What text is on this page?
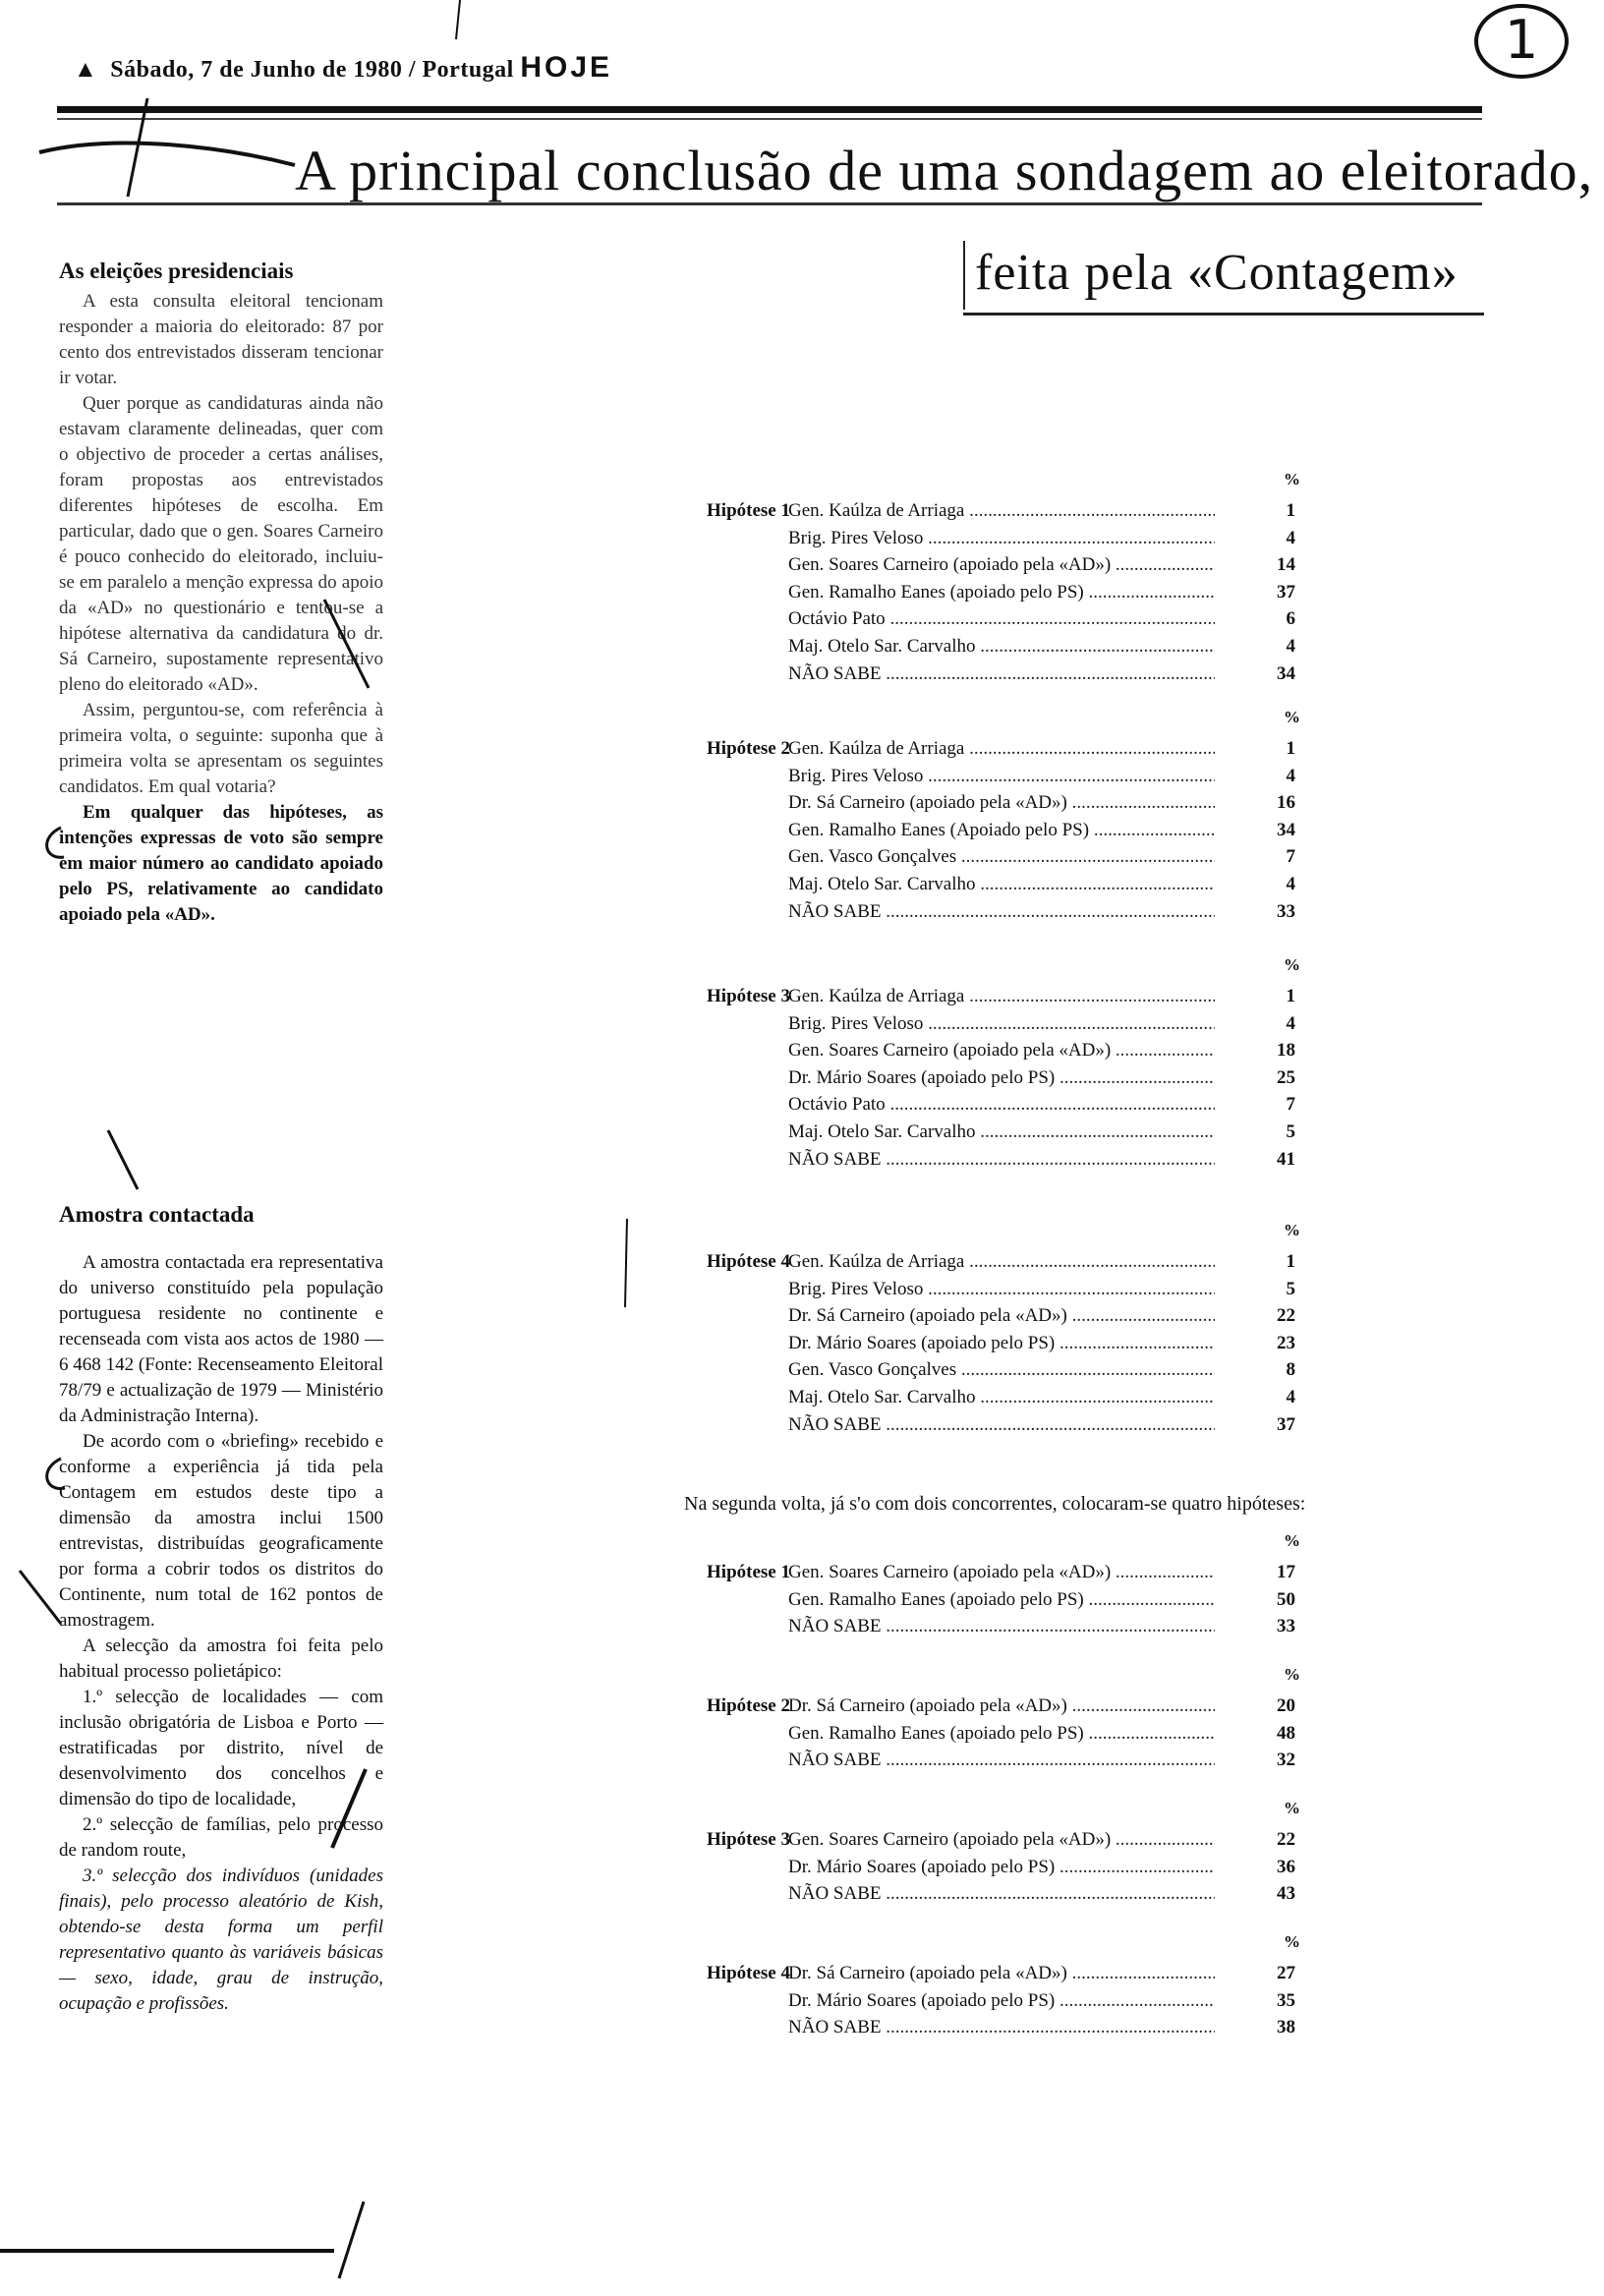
▲  Sábado, 7 de Junho de 1980 / Portugal HOJE	1
A principal conclusão de uma sondagem ao eleitorado,
feita pela «Contagem»
As eleições presidenciais

A esta consulta eleitoral tencionam responder a maioria do eleitorado: 87 por cento dos entrevistados disseram tencionar ir votar.

Quer porque as candidaturas ainda não estavam claramente delineadas, quer com o objectivo de proceder a certas análises, foram propostas aos entrevistados diferentes hipóteses de escolha. Em particular, dado que o gen. Soares Carneiro é pouco conhecido do eleitorado, incluiu-se em paralelo a menção expressa do apoio da «AD» no questionário e tentou-se a hipótese alternativa da candidatura do dr. Sá Carneiro, supostamente representativo pleno do eleitorado «AD».

Assim, perguntou-se, com referência à primeira volta, o seguinte: suponha que à primeira volta se apresentam os seguintes candidatos. Em qual votaria?

Em qualquer das hipóteses, as intenções expressas de voto são sempre em maior número ao candidato apoiado pelo PS, relativamente ao candidato apoiado pela «AD».

Amostra contactada

A amostra contactada era representativa do universo constituído pela população portuguesa residente no continente e recenseada com vista aos actos de 1980 — 6 468 142 (Fonte: Recenseamento Eleitoral 78/79 e actualização de 1979 — Ministério da Administração Interna).

De acordo com o «briefing» recebido e conforme a experiência já tida pela Contagem em estudos deste tipo a dimensão da amostra inclui 1500 entrevistas, distribuídas geograficamente por forma a cobrir todos os distritos do Continente, num total de 162 pontos de amostragem.

A selecção da amostra foi feita pelo habitual processo polietápico:

1.º selecção de localidades — com inclusão obrigatória de Lisboa e Porto — estratificadas por distrito, nível de desenvolvimento dos concelhos e dimensão do tipo de localidade,

2.º selecção de famílias, pelo processo de random route,

3.º selecção dos indivíduos (unidades finais), pelo processo aleatório de Kish, obtendo-se desta forma um perfil representativo quanto às variáveis básicas — sexo, idade, grau de instrução, ocupação e profissões.

%
Hipótese 1
Gen. Kaúlza de Arriaga .....	1
Brig. Pires Veloso .....	4
Gen. Soares Carneiro (apoiado pela «AD») .....	14
Gen. Ramalho Eanes (apoiado pelo PS) .....	37
Octávio Pato .....	6
Maj. Otelo Sar. Carvalho .....	4
NÃO SABE .....	34
%
Hipótese 2
Gen. Kaúlza de Arriaga .....	1
Brig. Pires Veloso .....	4
Dr. Sá Carneiro (apoiado pela «AD») .....	16
Gen. Ramalho Eanes (Apoiado pelo PS) .....	34
Gen. Vasco Gonçalves .....	7
Maj. Otelo Sar. Carvalho .....	4
NÃO SABE .....	33
%
Hipótese 3
Gen. Kaúlza de Arriaga .....	1
Brig. Pires Veloso .....	4
Gen. Soares Carneiro (apoiado pela «AD») .....	18
Dr. Mário Soares (apoiado pelo PS) .....	25
Octávio Pato .....	7
Maj. Otelo Sar. Carvalho .....	5
NÃO SABE .....	41
%
Hipótese 4
Gen. Kaúlza de Arriaga .....	1
Brig. Pires Veloso .....	5
Dr. Sá Carneiro (apoiado pela «AD») .....	22
Dr. Mário Soares (apoiado pelo PS) .....	23
Gen. Vasco Gonçalves .....	8
Maj. Otelo Sar. Carvalho .....	4
NÃO SABE .....	37
%
Hipótese 1
Gen. Soares Carneiro (apoiado pela «AD») .....	17
Gen. Ramalho Eanes (apoiado pelo PS) .....	50
NÃO SABE .....	33
%
Hipótese 2
Dr. Sá Carneiro (apoiado pela «AD») .....	20
Gen. Ramalho Eanes (apoiado pelo PS) .....	48
NÃO SABE .....	32
%
Hipótese 3
Gen. Soares Carneiro (apoiado pela «AD») .....	22
Dr. Mário Soares (apoiado pelo PS) .....	36
NÃO SABE .....	43
%
Hipótese 4
Dr. Sá Carneiro (apoiado pela «AD») .....	27
Dr. Mário Soares (apoiado pelo PS) .....	35
NÃO SABE .....	38
Na segunda volta, já s'o com dois concorrentes, colocaram-se quatro hipóteses:
